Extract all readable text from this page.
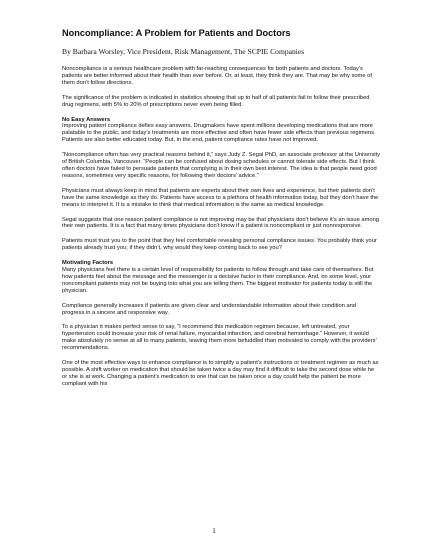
Noncompliance: A Problem for Patients and Doctors
By Barbara Worsley, Vice President, Risk Management, The SCPIE Companies

Noncompliance is a serious healthcare problem with far-reaching consequences for both patients and doctors. Today’s patients are better informed about their health than ever before. Or, at least, they think they are. That may be why some of them don’t follow directions.

The significance of the problem is indicated in statistics showing that up to half of all patients fail to follow their prescribed drug regimens, with 5% to 20% of prescriptions never even being filled.

No Easy Answers

Improving patient compliance defies easy answers. Drugmakers have spent millions developing medications that are more palatable to the public, and today’s treatments are more effective and often have fewer side effects than previous regimens. Patients are also better educated today. But, in the end, patient compliance rates have not improved.

“Noncompliance often has very practical reasons behind it,” says Judy Z. Segal PhD, an associate professor at the University of British Columbia, Vancouver. “People can be confused about dosing schedules or cannot tolerate side effects. But I think often doctors have failed to persuade patients that complying is in their own best interest. The idea is that people need good reasons, sometimes very specific reasons, for following their doctors’ advice.”

Physicians must always keep in mind that patients are experts about their own lives and experience, but their patients don’t have the same knowledge as they do. Patients have access to a plethora of health information today, but they don’t have the means to interpret it. It is a mistake to think that medical information is the same as medical knowledge.

Segal suggests that one reason patient compliance is not improving may be that physicians don’t believe it’s an issue among their own patients. It is a fact that many times physicians don’t know if a patient is noncompliant or just nonresponsive.

Patients must trust you to the point that they feel comfortable revealing personal compliance issues. You probably think your patients already trust you; if they didn’t, why would they keep coming back to see you?

Motivating Factors

Many physicians feel there is a certain level of responsibility for patients to follow through and take care of themselves. But how patients feel about the message and the messenger is a decisive factor in their compliance. And, on some level, your noncompliant patients may not be buying into what you are telling them. The biggest motivator for patients today is still the physician.

Compliance generally increases if patients are given clear and understandable information about their condition and progress in a sincere and responsive way.

To a physician it makes perfect sense to say, “I recommend this medication regimen because, left untreated, your hypertension could increase your risk of renal failure, myocardial infarction, and cerebral hemorrhage.” However, it would make absolutely no sense at all to many patients, leaving them more befuddled than motivated to comply with the providers’ recommendations.

One of the most effective ways to enhance compliance is to simplify a patient’s instructions or treatment regimen as much as possible. A shift worker on medication that should be taken twice a day may find it difficult to take the second dose while he or she is at work. Changing a patient’s medication to one that can be taken once a day could help the patient be more compliant with his

1
